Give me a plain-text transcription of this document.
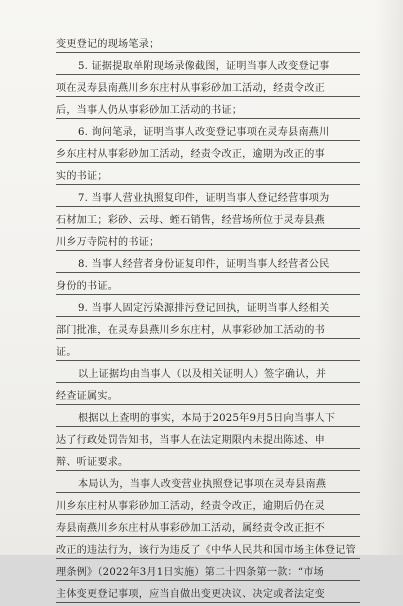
变更登记的现场笔录；
5. 证据提取单附现场录像截图，证明当事人改变登记事
项在灵寿县南燕川乡东庄村从事彩砂加工活动，经责令改正
后，当事人仍从事彩砂加工活动的书证；
6. 询问笔录，证明当事人改变登记事项在灵寿县南燕川
乡东庄村从事彩砂加工活动，经责令改正，逾期为改正的事
实的书证；
7. 当事人营业执照复印件，证明当事人登记经营事项为
石材加工；彩砂、云母、蛭石销售，经营场所位于灵寿县燕
川乡万寺院村的书证；
8. 当事人经营者身份证复印件，证明当事人经营者公民
身份的书证。
9. 当事人固定污染源排污登记回执，证明当事人经相关
部门批准，在灵寿县燕川乡东庄村，从事彩砂加工活动的书
证。
以上证据均由当事人（以及相关证明人）签字确认，并
经查证属实。
根据以上查明的事实，本局于2025年9月5日向当事人下
达了行政处罚告知书，当事人在法定期限内未提出陈述、申
辩、听证要求。
本局认为，当事人改变营业执照登记事项在灵寿县南燕
川乡东庄村从事彩砂加工活动，经责令改正，逾期后仍在灵
寿县南燕川乡东庄村从事彩砂加工活动，属经责令改正拒不
改正的违法行为，该行为违反了《中华人民共和国市场主体登记管
理条例》（2022年3月1日实施）第二十四条第一款：“市场
主体变更登记事项，应当自做出变更决议、决定或者法定变
